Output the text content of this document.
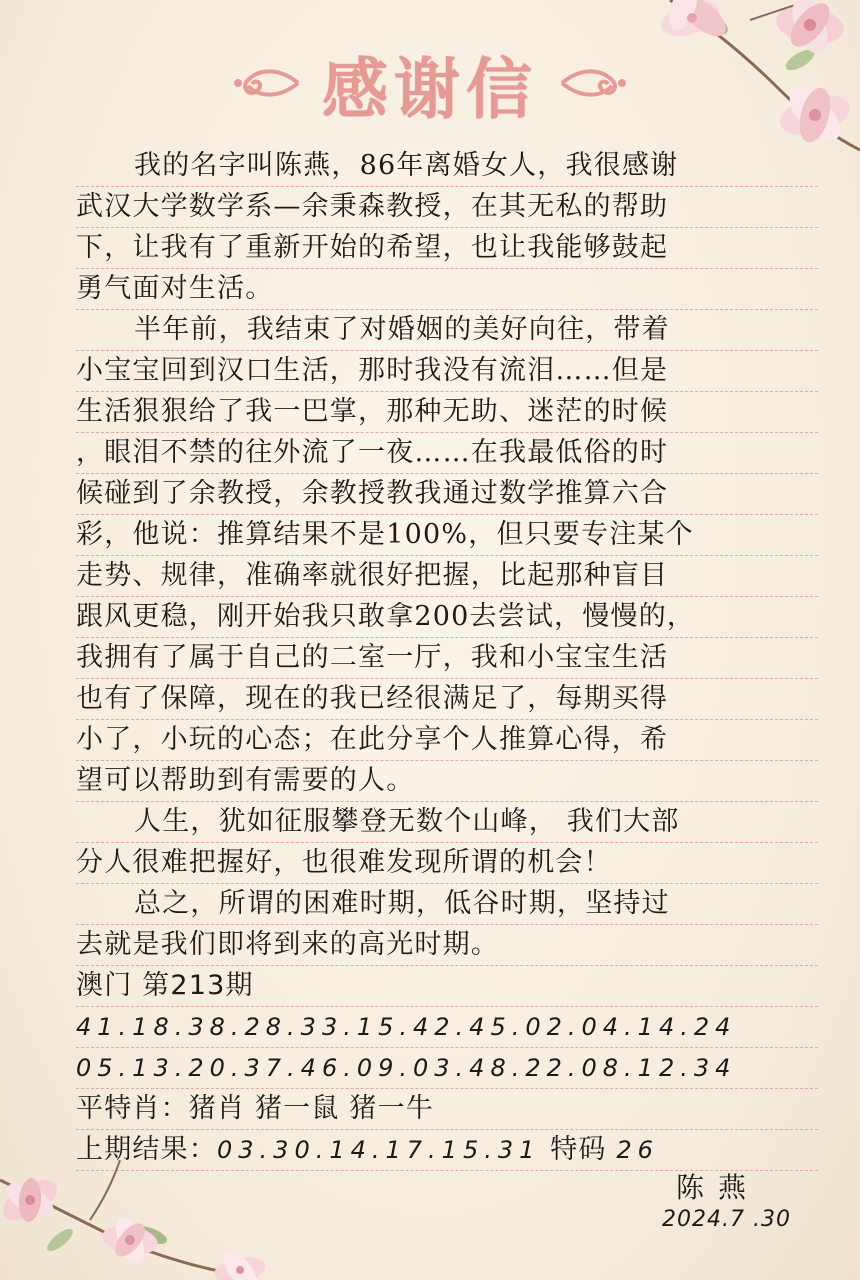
感谢信
我的名字叫陈燕，86年离婚女人，我很感谢
武汉大学数学系—余秉森教授，在其无私的帮助
下，让我有了重新开始的希望，也让我能够鼓起
勇气面对生活。
半年前，我结束了对婚姻的美好向往，带着
小宝宝回到汉口生活，那时我没有流泪……但是
生活狠狠给了我一巴掌，那种无助、迷茫的时候
，眼泪不禁的往外流了一夜……在我最低俗的时
候碰到了余教授，余教授教我通过数学推算六合
彩，他说：推算结果不是100%，但只要专注某个
走势、规律，准确率就很好把握，比起那种盲目
跟风更稳，刚开始我只敢拿200去尝试，慢慢的，
我拥有了属于自己的二室一厅，我和小宝宝生活
也有了保障，现在的我已经很满足了，每期买得
小了，小玩的心态；在此分享个人推算心得，希
望可以帮助到有需要的人。
人生，犹如征服攀登无数个山峰， 我们大部
分人很难把握好，也很难发现所谓的机会！
总之，所谓的困难时期，低谷时期，坚持过
去就是我们即将到来的高光时期。
澳门 第213期
41.18.38.28.33.15.42.45.02.04.14.24
05.13.20.37.46.09.03.48.22.08.12.34
平特肖：猪肖 猪一鼠 猪一牛
上期结果：03.30.14.17.15.31 特码 26
陈燕
2024.7 .30
